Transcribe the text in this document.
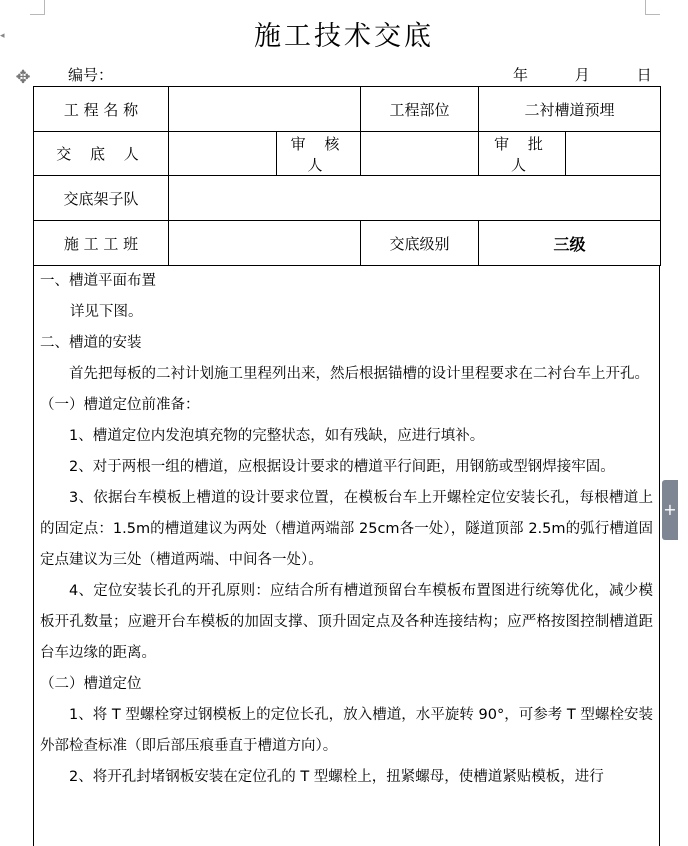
◂
✥
施工技术交底
编号：	年	月	日
工 程 名 称			工程部位	二衬槽道预埋	
交 底 人		审 核 人		审 批 人	
交底架子队					
施 工 工 班			交底级别	三级	

一、槽道平面布置

详见下图。

二、槽道的安装

首先把每板的二衬计划施工里程列出来，然后根据锚槽的设计里程要求在二衬台车上开孔。

（一）槽道定位前准备：

1、槽道定位内发泡填充物的完整状态，如有残缺，应进行填补。

2、对于两根一组的槽道，应根据设计要求的槽道平行间距，用钢筋或型钢焊接牢固。

3、依据台车模板上槽道的设计要求位置，在模板台车上开螺栓定位安装长孔，每根槽道上的固定点：1.5m的槽道建议为两处（槽道两端部 25cm各一处），隧道顶部 2.5m的弧行槽道固定点建议为三处（槽道两端、中间各一处）。

4、定位安装长孔的开孔原则：应结合所有槽道预留台车模板布置图进行统筹优化，减少模板开孔数量；应避开台车模板的加固支撑、顶升固定点及各种连接结构；应严格按图控制槽道距台车边缘的距离。

（二）槽道定位

1、将 T 型螺栓穿过钢模板上的定位长孔，放入槽道，水平旋转 90°，可参考 T 型螺栓安装外部检查标准（即后部压痕垂直于槽道方向）。

2、将开孔封堵钢板安装在定位孔的 T 型螺栓上，扭紧螺母，使槽道紧贴模板，进行

+
